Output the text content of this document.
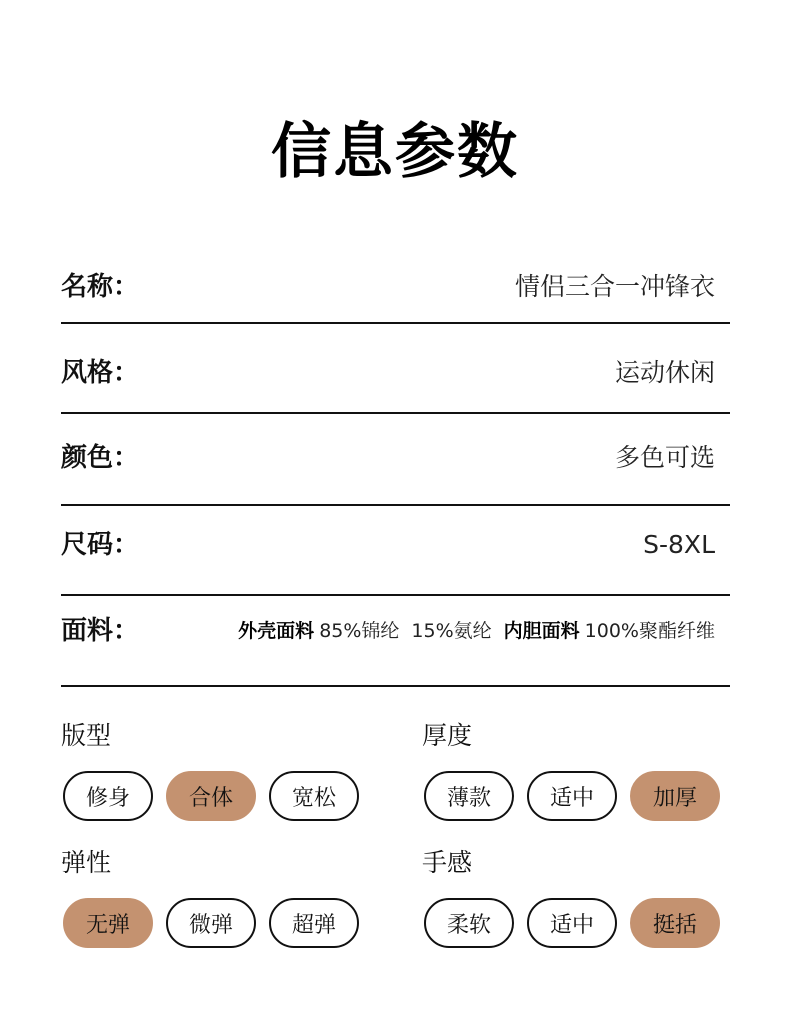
信息参数
名称：	情侣三合一冲锋衣
风格：	运动休闲
颜色：	多色可选
尺码：	S-8XL
面料：	外壳面料 85%锦纶 15%氨纶 内胆面料 100%聚酯纤维
版型
修身	合体	宽松
厚度
薄款	适中	加厚
弹性
无弹	微弹	超弹
手感
柔软	适中	挺括
